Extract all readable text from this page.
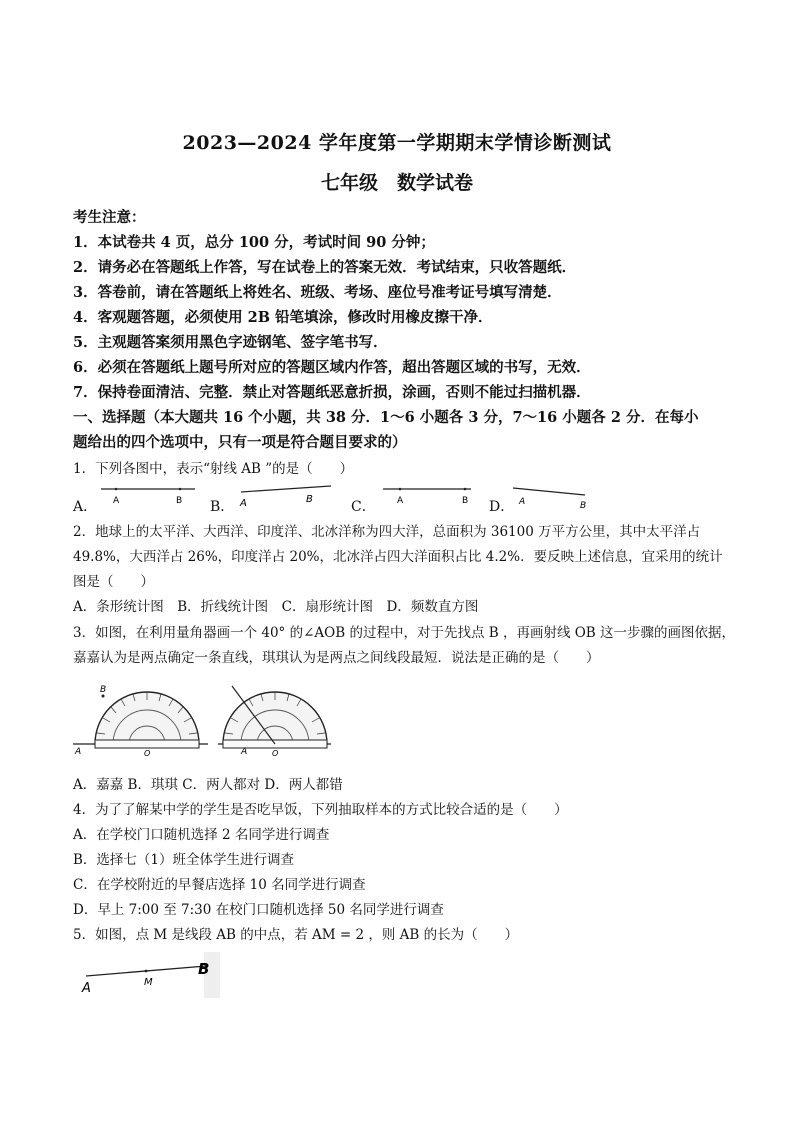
2023—2024 学年度第一学期期末学情诊断测试
七年级　数学试卷
考生注意：
1．本试卷共 4 页，总分 100 分，考试时间 90 分钟；
2．请务必在答题纸上作答，写在试卷上的答案无效．考试结束，只收答题纸．
3．答卷前，请在答题纸上将姓名、班级、考场、座位号准考证号填写清楚．
4．客观题答题，必须使用 2B 铅笔填涂，修改时用橡皮擦干净．
5．主观题答案须用黑色字迹钢笔、签字笔书写．
6．必须在答题纸上题号所对应的答题区域内作答，超出答题区域的书写，无效．
7．保持卷面清洁、完整．禁止对答题纸恶意折损，涂画，否则不能过扫描机器．
一、选择题（本大题共 16 个小题，共 38 分．1～6 小题各 3 分，7～16 小题各 2 分．在每小
题给出的四个选项中，只有一项是符合题目要求的）
1．下列各图中，表示“射线 AB ”的是（　　）
A．	B．	C．	D．
A	B	A	B	A	B	A	B
2．地球上的太平洋、大西洋、印度洋、北冰洋称为四大洋，总面积为 36100 万平方公里，其中太平洋占
49.8%，大西洋占 26%，印度洋占 20%，北冰洋占四大洋面积占比 4.2%．要反映上述信息，宜采用的统计
图是（　　）
A．条形统计图　B．折线统计图　C．扇形统计图　D．频数直方图
3．如图，在利用量角器画一个 40° 的∠AOB 的过程中，对于先找点 B ，再画射线 OB 这一步骤的画图依据，
嘉嘉认为是两点确定一条直线，琪琪认为是两点之间线段最短．说法是正确的是（　　）
B
A	O	A	O
A．嘉嘉 B．琪琪 C．两人都对 D．两人都错
4．为了了解某中学的学生是否吃早饭，下列抽取样本的方式比较合适的是（　　）
A．在学校门口随机选择 2 名同学进行调查
B．选择七（1）班全体学生进行调查
C．在学校附近的早餐店选择 10 名同学进行调查
D．早上 7:00 至 7:30 在校门口随机选择 50 名同学进行调查
5．如图，点 M 是线段 AB 的中点，若 AM = 2 ，则 AB 的长为（　　）
A	M
B
